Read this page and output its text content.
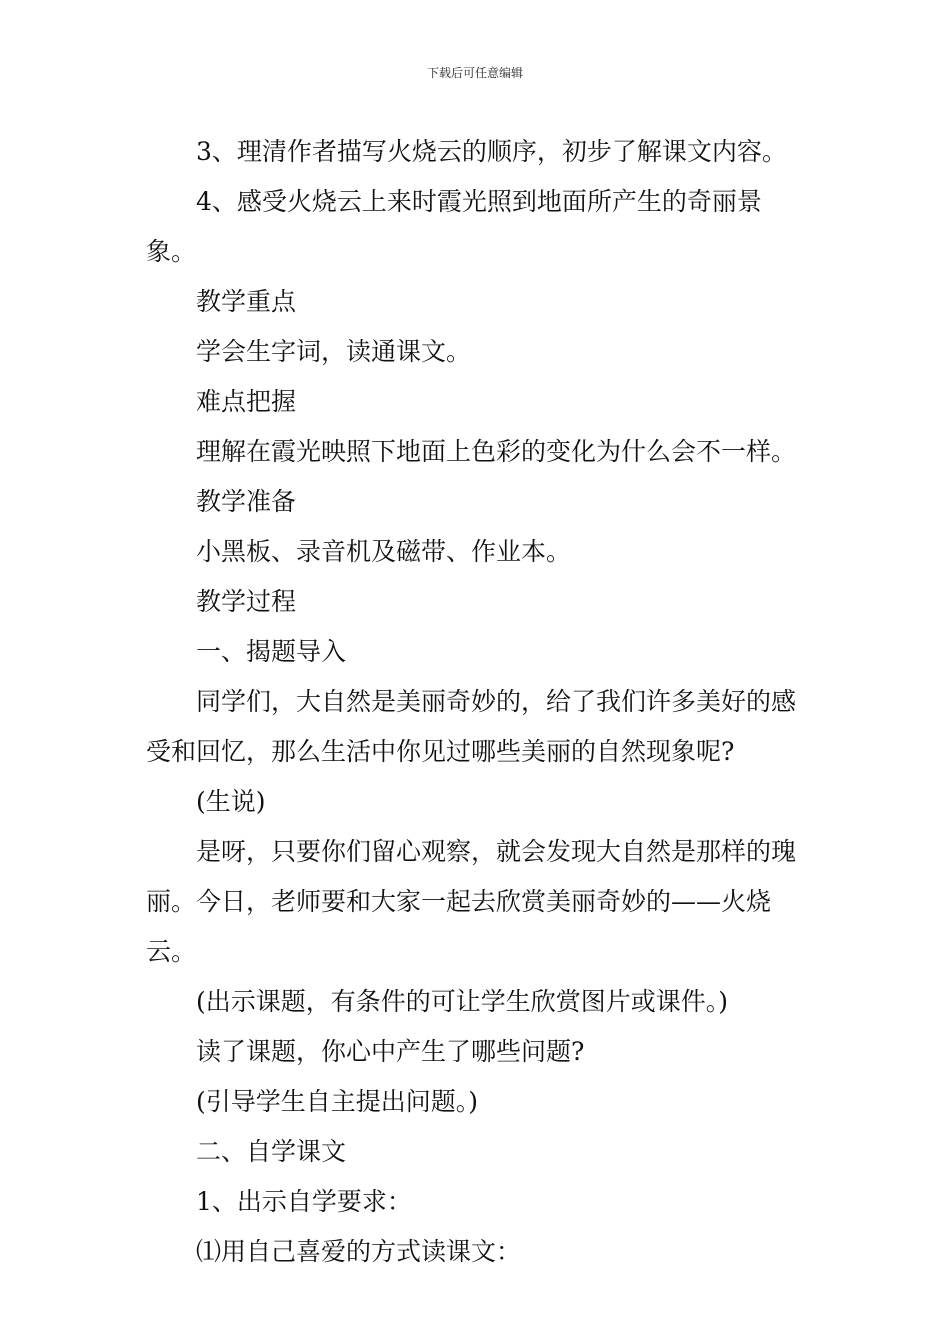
下载后可任意编辑

3、理清作者描写火烧云的顺序，初步了解课文内容。

4、感受火烧云上来时霞光照到地面所产生的奇丽景象。

教学重点

学会生字词，读通课文。

难点把握

理解在霞光映照下地面上色彩的变化为什么会不一样。

教学准备

小黑板、录音机及磁带、作业本。

教学过程

一、揭题导入

同学们，大自然是美丽奇妙的，给了我们许多美好的感受和回忆，那么生活中你见过哪些美丽的自然现象呢?

(生说)

是呀，只要你们留心观察，就会发现大自然是那样的瑰丽。今日，老师要和大家一起去欣赏美丽奇妙的——火烧云。

(出示课题，有条件的可让学生欣赏图片或课件。)

读了课题，你心中产生了哪些问题?

(引导学生自主提出问题。)

二、自学课文

1、出示自学要求：

⑴用自己喜爱的方式读课文：
